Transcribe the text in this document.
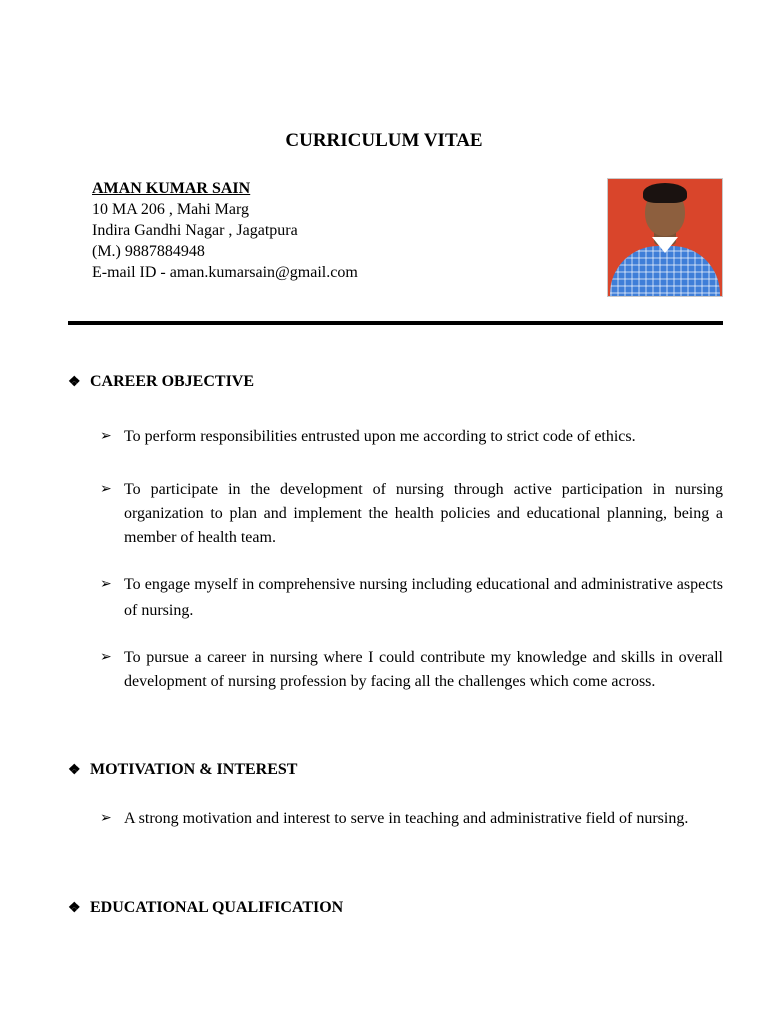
CURRICULUM VITAE
AMAN KUMAR SAIN
10 MA 206 , Mahi Marg
Indira Gandhi Nagar , Jagatpura
(M.) 9887884948
E-mail ID - aman.kumarsain@gmail.com
❖ CAREER OBJECTIVE
➢ To perform responsibilities entrusted upon me according to strict code of ethics.
➢ To participate in the development of nursing through active participation in nursing organization to plan and implement the health policies and educational planning, being a member of health team.
➢ To engage myself in comprehensive nursing including educational and administrative aspects of nursing.
➢ To pursue a career in nursing where I could contribute my knowledge and skills in overall development of nursing profession by facing all the challenges which come across.
❖ MOTIVATION & INTEREST
➢ A strong motivation and interest to serve in teaching and administrative field of nursing.
❖ EDUCATIONAL QUALIFICATION
